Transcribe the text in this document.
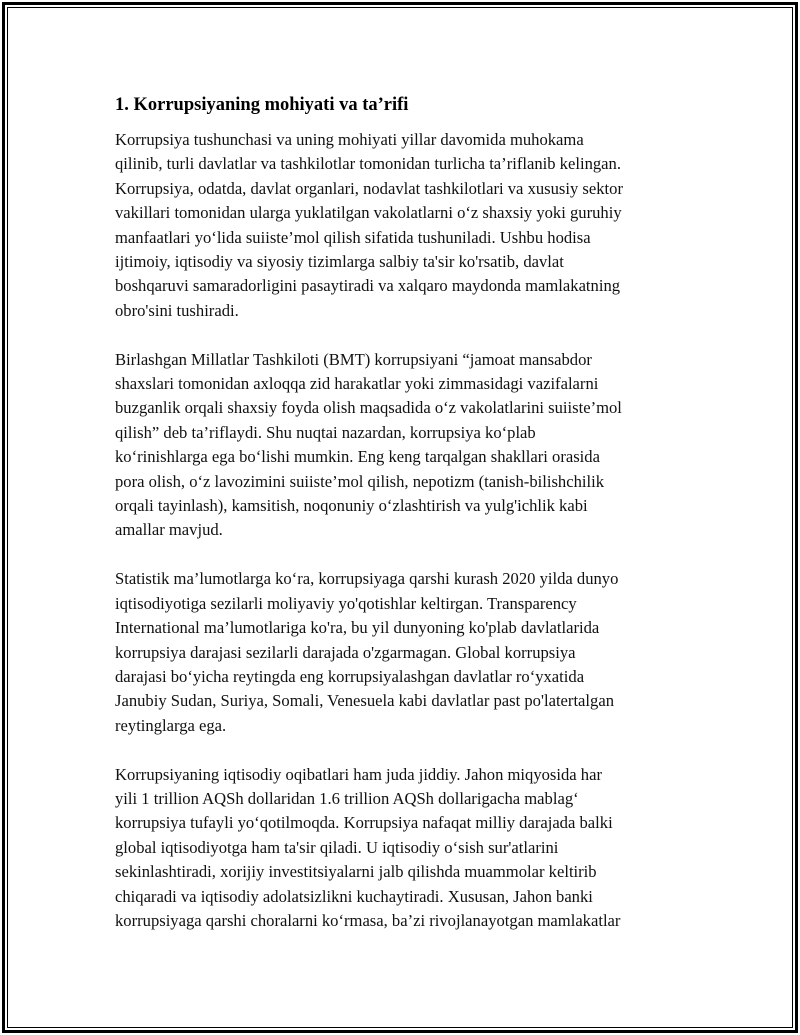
1. Korrupsiyaning mohiyati va ta’rifi

Korrupsiya tushunchasi va uning mohiyati yillar davomida muhokama
qilinib, turli davlatlar va tashkilotlar tomonidan turlicha ta’riflanib kelingan.
Korrupsiya, odatda, davlat organlari, nodavlat tashkilotlari va xususiy sektor
vakillari tomonidan ularga yuklatilgan vakolatlarni o‘z shaxsiy yoki guruhiy
manfaatlari yo‘lida suiiste’mol qilish sifatida tushuniladi. Ushbu hodisa
ijtimoiy, iqtisodiy va siyosiy tizimlarga salbiy ta'sir ko'rsatib, davlat
boshqaruvi samaradorligini pasaytiradi va xalqaro maydonda mamlakatning
obro'sini tushiradi.

Birlashgan Millatlar Tashkiloti (BMT) korrupsiyani “jamoat mansabdor
shaxslari tomonidan axloqqa zid harakatlar yoki zimmasidagi vazifalarni
buzganlik orqali shaxsiy foyda olish maqsadida o‘z vakolatlarini suiiste’mol
qilish” deb ta’riflaydi. Shu nuqtai nazardan, korrupsiya ko‘plab
ko‘rinishlarga ega bo‘lishi mumkin. Eng keng tarqalgan shakllari orasida
pora olish, o‘z lavozimini suiiste’mol qilish, nepotizm (tanish-bilishchilik
orqali tayinlash), kamsitish, noqonuniy o‘zlashtirish va yulg'ichlik kabi
amallar mavjud.

Statistik ma’lumotlarga ko‘ra, korrupsiyaga qarshi kurash 2020 yilda dunyo
iqtisodiyotiga sezilarli moliyaviy yo'qotishlar keltirgan. Transparency
International ma’lumotlariga ko'ra, bu yil dunyoning ko'plab davlatlarida
korrupsiya darajasi sezilarli darajada o'zgarmagan. Global korrupsiya
darajasi bo‘yicha reytingda eng korrupsiyalashgan davlatlar ro‘yxatida
Janubiy Sudan, Suriya, Somali, Venesuela kabi davlatlar past po'latertalgan
reytinglarga ega.

Korrupsiyaning iqtisodiy oqibatlari ham juda jiddiy. Jahon miqyosida har
yili 1 trillion AQSh dollaridan 1.6 trillion AQSh dollarigacha mablag‘
korrupsiya tufayli yo‘qotilmoqda. Korrupsiya nafaqat milliy darajada balki
global iqtisodiyotga ham ta'sir qiladi. U iqtisodiy o‘sish sur'atlarini
sekinlashtiradi, xorijiy investitsiyalarni jalb qilishda muammolar keltirib
chiqaradi va iqtisodiy adolatsizlikni kuchaytiradi. Xususan, Jahon banki
korrupsiyaga qarshi choralarni ko‘rmasa, ba’zi rivojlanayotgan mamlakatlar
